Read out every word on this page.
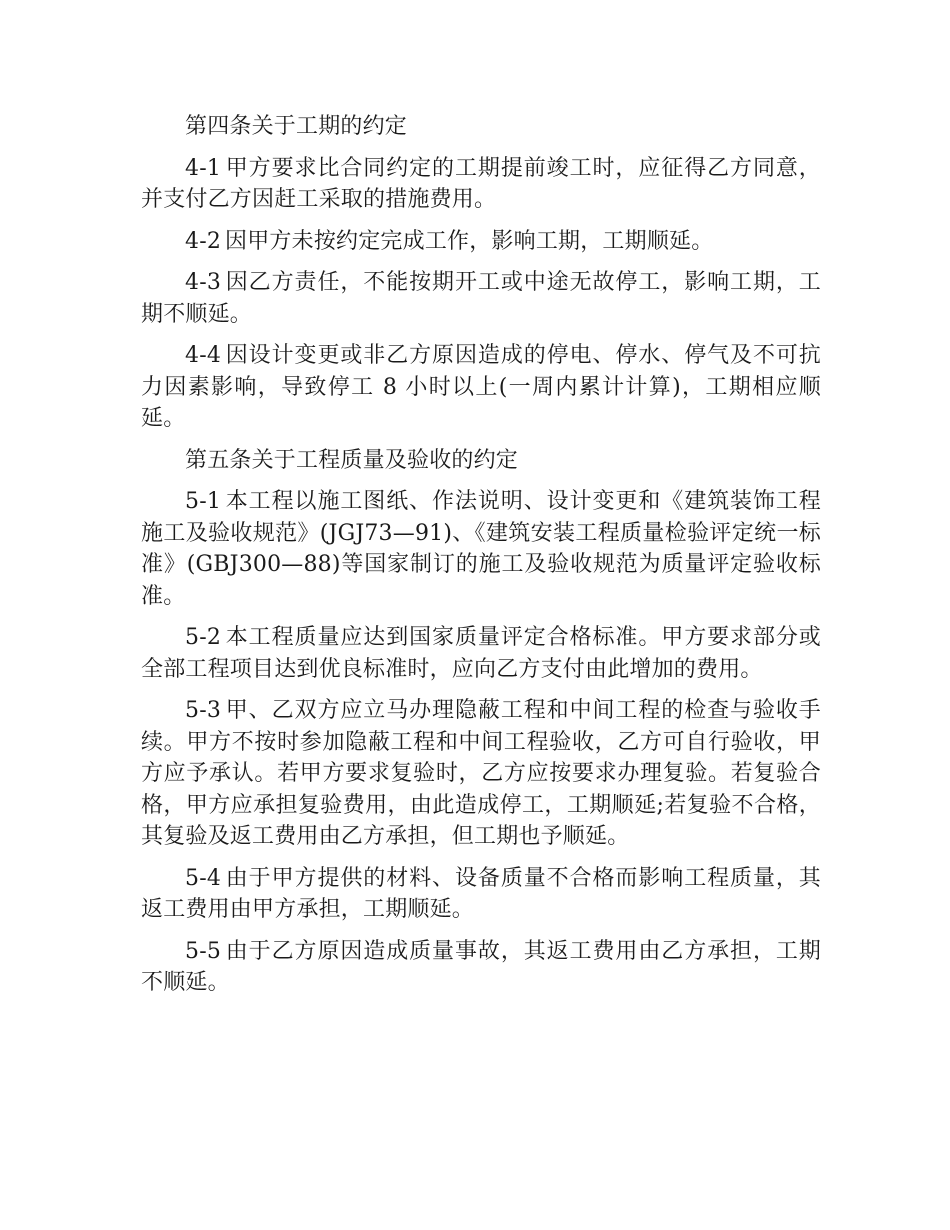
第四条关于工期的约定

4-1 甲方要求比合同约定的工期提前竣工时，应征得乙方同意，并支付乙方因赶工采取的措施费用。

4-2 因甲方未按约定完成工作，影响工期，工期顺延。

4-3 因乙方责任，不能按期开工或中途无故停工，影响工期，工期不顺延。

4-4 因设计变更或非乙方原因造成的停电、停水、停气及不可抗力因素影响，导致停工 8 小时以上(一周内累计计算)，工期相应顺延。

第五条关于工程质量及验收的约定

5-1 本工程以施工图纸、作法说明、设计变更和《建筑装饰工程施工及验收规范》(JGJ73—91)、《建筑安装工程质量检验评定统一标准》(GBJ300—88)等国家制订的施工及验收规范为质量评定验收标准。

5-2 本工程质量应达到国家质量评定合格标准。甲方要求部分或全部工程项目达到优良标准时，应向乙方支付由此增加的费用。

5-3 甲、乙双方应立马办理隐蔽工程和中间工程的检查与验收手续。甲方不按时参加隐蔽工程和中间工程验收，乙方可自行验收，甲方应予承认。若甲方要求复验时，乙方应按要求办理复验。若复验合格，甲方应承担复验费用，由此造成停工，工期顺延;若复验不合格，其复验及返工费用由乙方承担，但工期也予顺延。

5-4 由于甲方提供的材料、设备质量不合格而影响工程质量，其返工费用由甲方承担，工期顺延。

5-5 由于乙方原因造成质量事故，其返工费用由乙方承担，工期不顺延。
